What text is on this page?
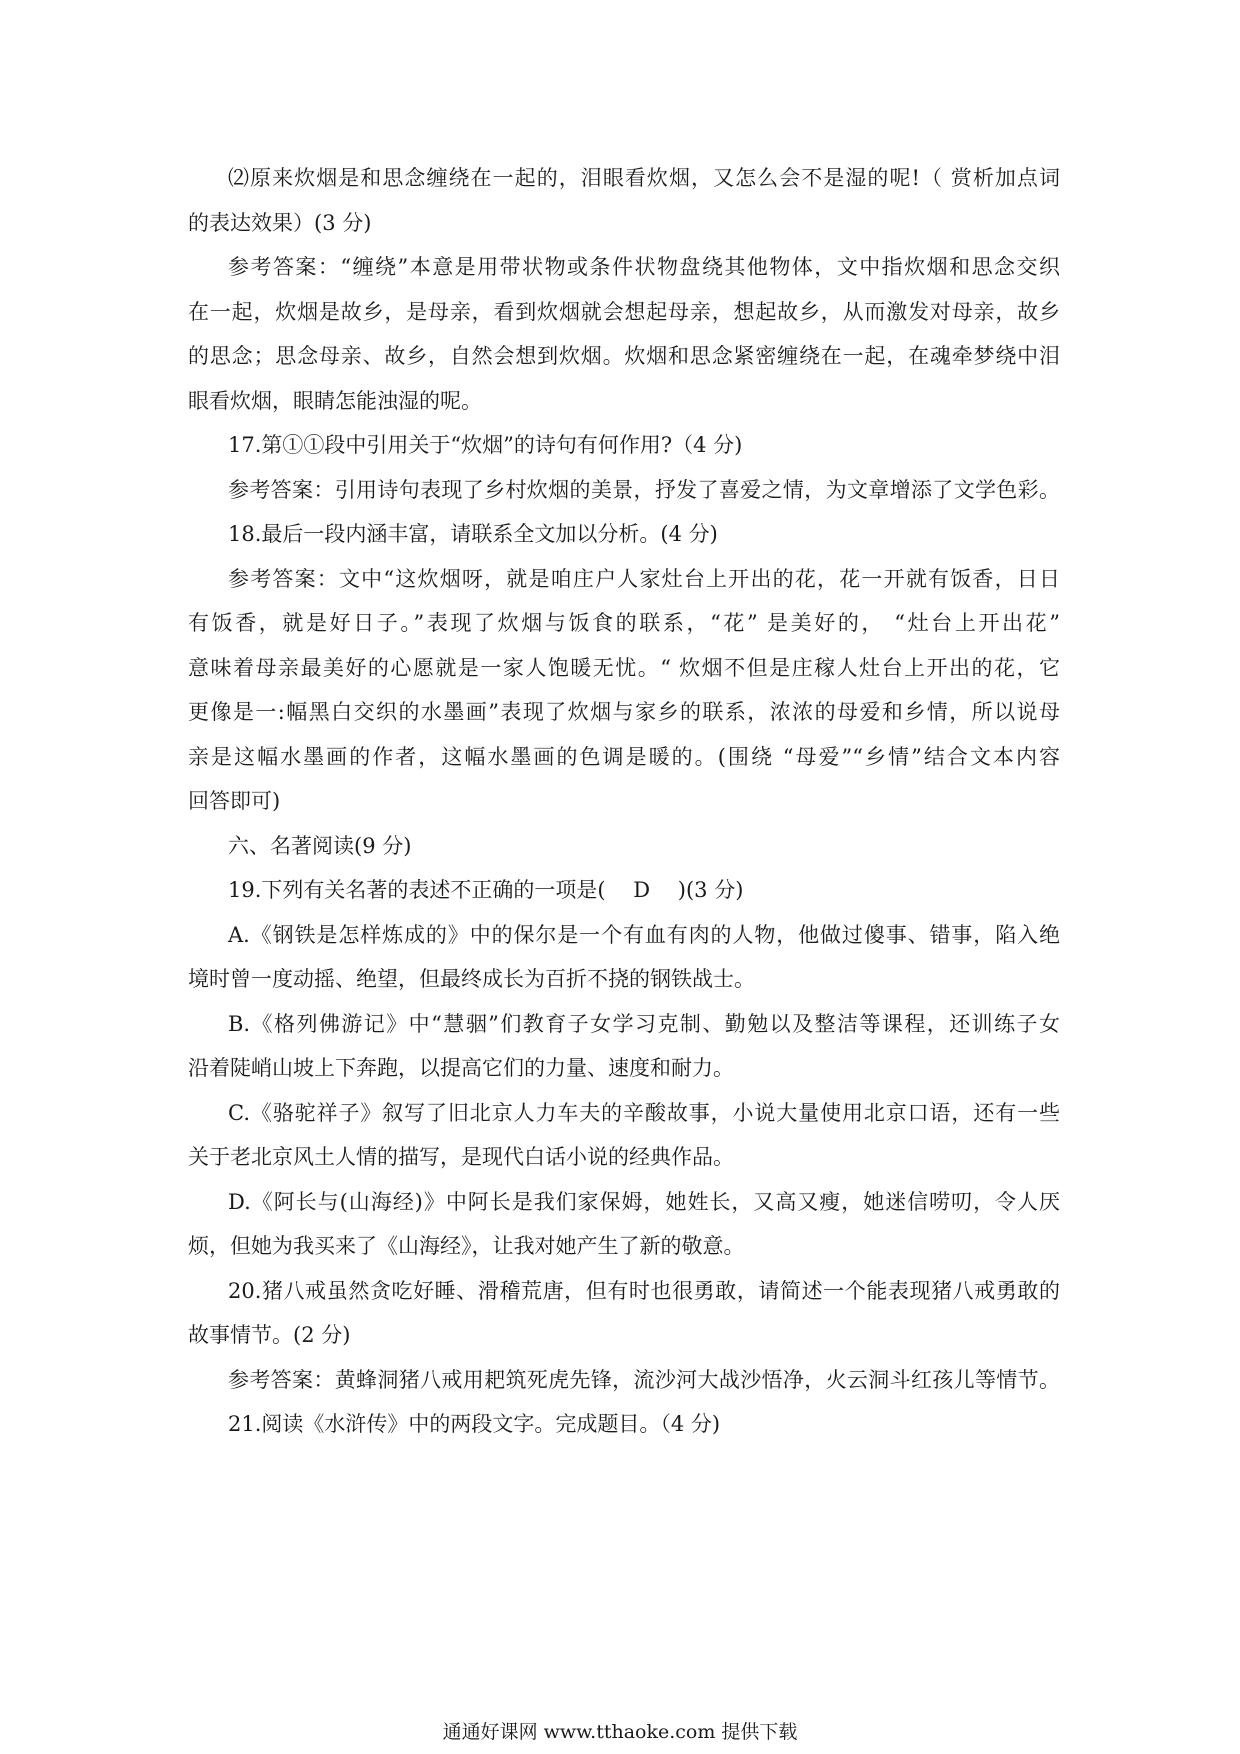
⑵原来炊烟是和思念缠绕在一起的，泪眼看炊烟，又怎么会不是湿的呢!（ 赏析加点词
的表达效果）(3 分)
参考答案：“缠绕”本意是用带状物或条件状物盘绕其他物体，文中指炊烟和思念交织
在一起，炊烟是故乡，是母亲，看到炊烟就会想起母亲，想起故乡，从而激发对母亲，故乡
的思念；思念母亲、故乡，自然会想到炊烟。炊烟和思念紧密缠绕在一起，在魂牵梦绕中泪
眼看炊烟，眼睛怎能浊湿的呢。
17.第①①段中引用关于“炊烟”的诗句有何作用?（4 分)
参考答案：引用诗句表现了乡村炊烟的美景，抒发了喜爱之情，为文章增添了文学色彩。
18.最后一段内涵丰富，请联系全文加以分析。(4 分)
参考答案：文中“这炊烟呀，就是咱庄户人家灶台上开出的花，花一开就有饭香，日日
有饭香，就是好日子。”表现了炊烟与饭食的联系，“花” 是美好的， “灶台上开出花”
意味着母亲最美好的心愿就是一家人饱暖无忧。“ 炊烟不但是庄稼人灶台上开出的花，它
更像是一:幅黑白交织的水墨画”表现了炊烟与家乡的联系，浓浓的母爱和乡情，所以说母
亲是这幅水墨画的作者，这幅水墨画的色调是暖的。(围绕 “母爱”“乡情”结合文本内容
回答即可)
六、名著阅读(9 分)
19.下列有关名著的表述不正确的一项是(　 D　 )(3 分)
A.《钢铁是怎样炼成的》中的保尔是一个有血有肉的人物，他做过傻事、错事，陷入绝
境时曾一度动摇、绝望，但最终成长为百折不挠的钢铁战士。
B.《格列佛游记》中“慧骃”们教育子女学习克制、勤勉以及整洁等课程，还训练子女
沿着陡峭山坡上下奔跑，以提高它们的力量、速度和耐力。
C.《骆驼祥子》叙写了旧北京人力车夫的辛酸故事，小说大量使用北京口语，还有一些
关于老北京风土人情的描写，是现代白话小说的经典作品。
D.《阿长与(山海经)》中阿长是我们家保姆，她姓长，又高又瘦，她迷信唠叨，令人厌
烦，但她为我买来了《山海经》，让我对她产生了新的敬意。
20.猪八戒虽然贪吃好睡、滑稽荒唐，但有时也很勇敢，请简述一个能表现猪八戒勇敢的
故事情节。(2 分)
参考答案：黄蜂洞猪八戒用耙筑死虎先锋，流沙河大战沙悟净，火云洞斗红孩儿等情节。
21.阅读《水浒传》中的两段文字。完成题目。（4 分)
通通好课网 www.tthaoke.com 提供下载
